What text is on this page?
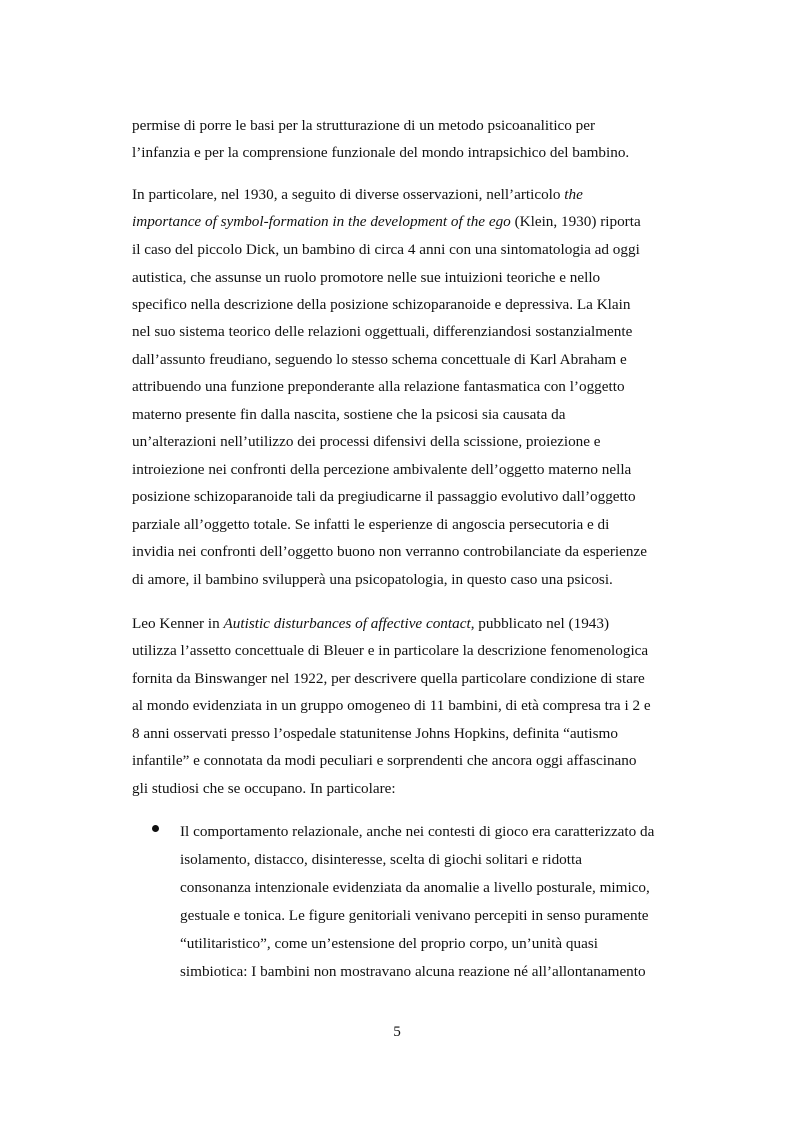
permise di porre le basi per la strutturazione di un metodo psicoanalitico per
l’infanzia e per la comprensione funzionale del mondo intrapsichico del bambino.
In particolare, nel 1930, a seguito di diverse osservazioni, nell’articolo the
importance of symbol-formation in the development of the ego (Klein, 1930) riporta
il caso del piccolo Dick, un bambino di circa 4 anni con una sintomatologia ad oggi
autistica, che assunse un ruolo promotore nelle sue intuizioni teoriche e nello
specifico nella descrizione della posizione schizoparanoide e depressiva. La Klain
nel suo sistema teorico delle relazioni oggettuali, differenziandosi sostanzialmente
dall’assunto freudiano, seguendo lo stesso schema concettuale di Karl Abraham e
attribuendo una funzione preponderante alla relazione fantasmatica con l’oggetto
materno presente fin dalla nascita, sostiene che la psicosi sia causata da
un’alterazioni nell’utilizzo dei processi difensivi della scissione, proiezione e
introiezione nei confronti della percezione ambivalente dell’oggetto materno nella
posizione schizoparanoide tali da pregiudicarne il passaggio evolutivo dall’oggetto
parziale all’oggetto totale. Se infatti le esperienze di angoscia persecutoria e di
invidia nei confronti dell’oggetto buono non verranno controbilanciate da esperienze
di amore, il bambino svilupperà una psicopatologia, in questo caso una psicosi.
Leo Kenner in Autistic disturbances of affective contact, pubblicato nel (1943)
utilizza l’assetto concettuale di Bleuer e in particolare la descrizione fenomenologica
fornita da Binswanger nel 1922, per descrivere quella particolare condizione di stare
al mondo evidenziata in un gruppo omogeneo di 11 bambini, di età compresa tra i 2 e
8 anni osservati presso l’ospedale statunitense Johns Hopkins, definita “autismo
infantile” e connotata da modi peculiari e sorprendenti che ancora oggi affascinano
gli studiosi che se occupano. In particolare:
Il comportamento relazionale, anche nei contesti di gioco era caratterizzato da
isolamento, distacco, disinteresse, scelta di giochi solitari e ridotta
consonanza intenzionale evidenziata da anomalie a livello posturale, mimico,
gestuale e tonica. Le figure genitoriali venivano percepiti in senso puramente
“utilitaristico”, come un’estensione del proprio corpo, un’unità quasi
simbiotica: I bambini non mostravano alcuna reazione né all’allontanamento
5
